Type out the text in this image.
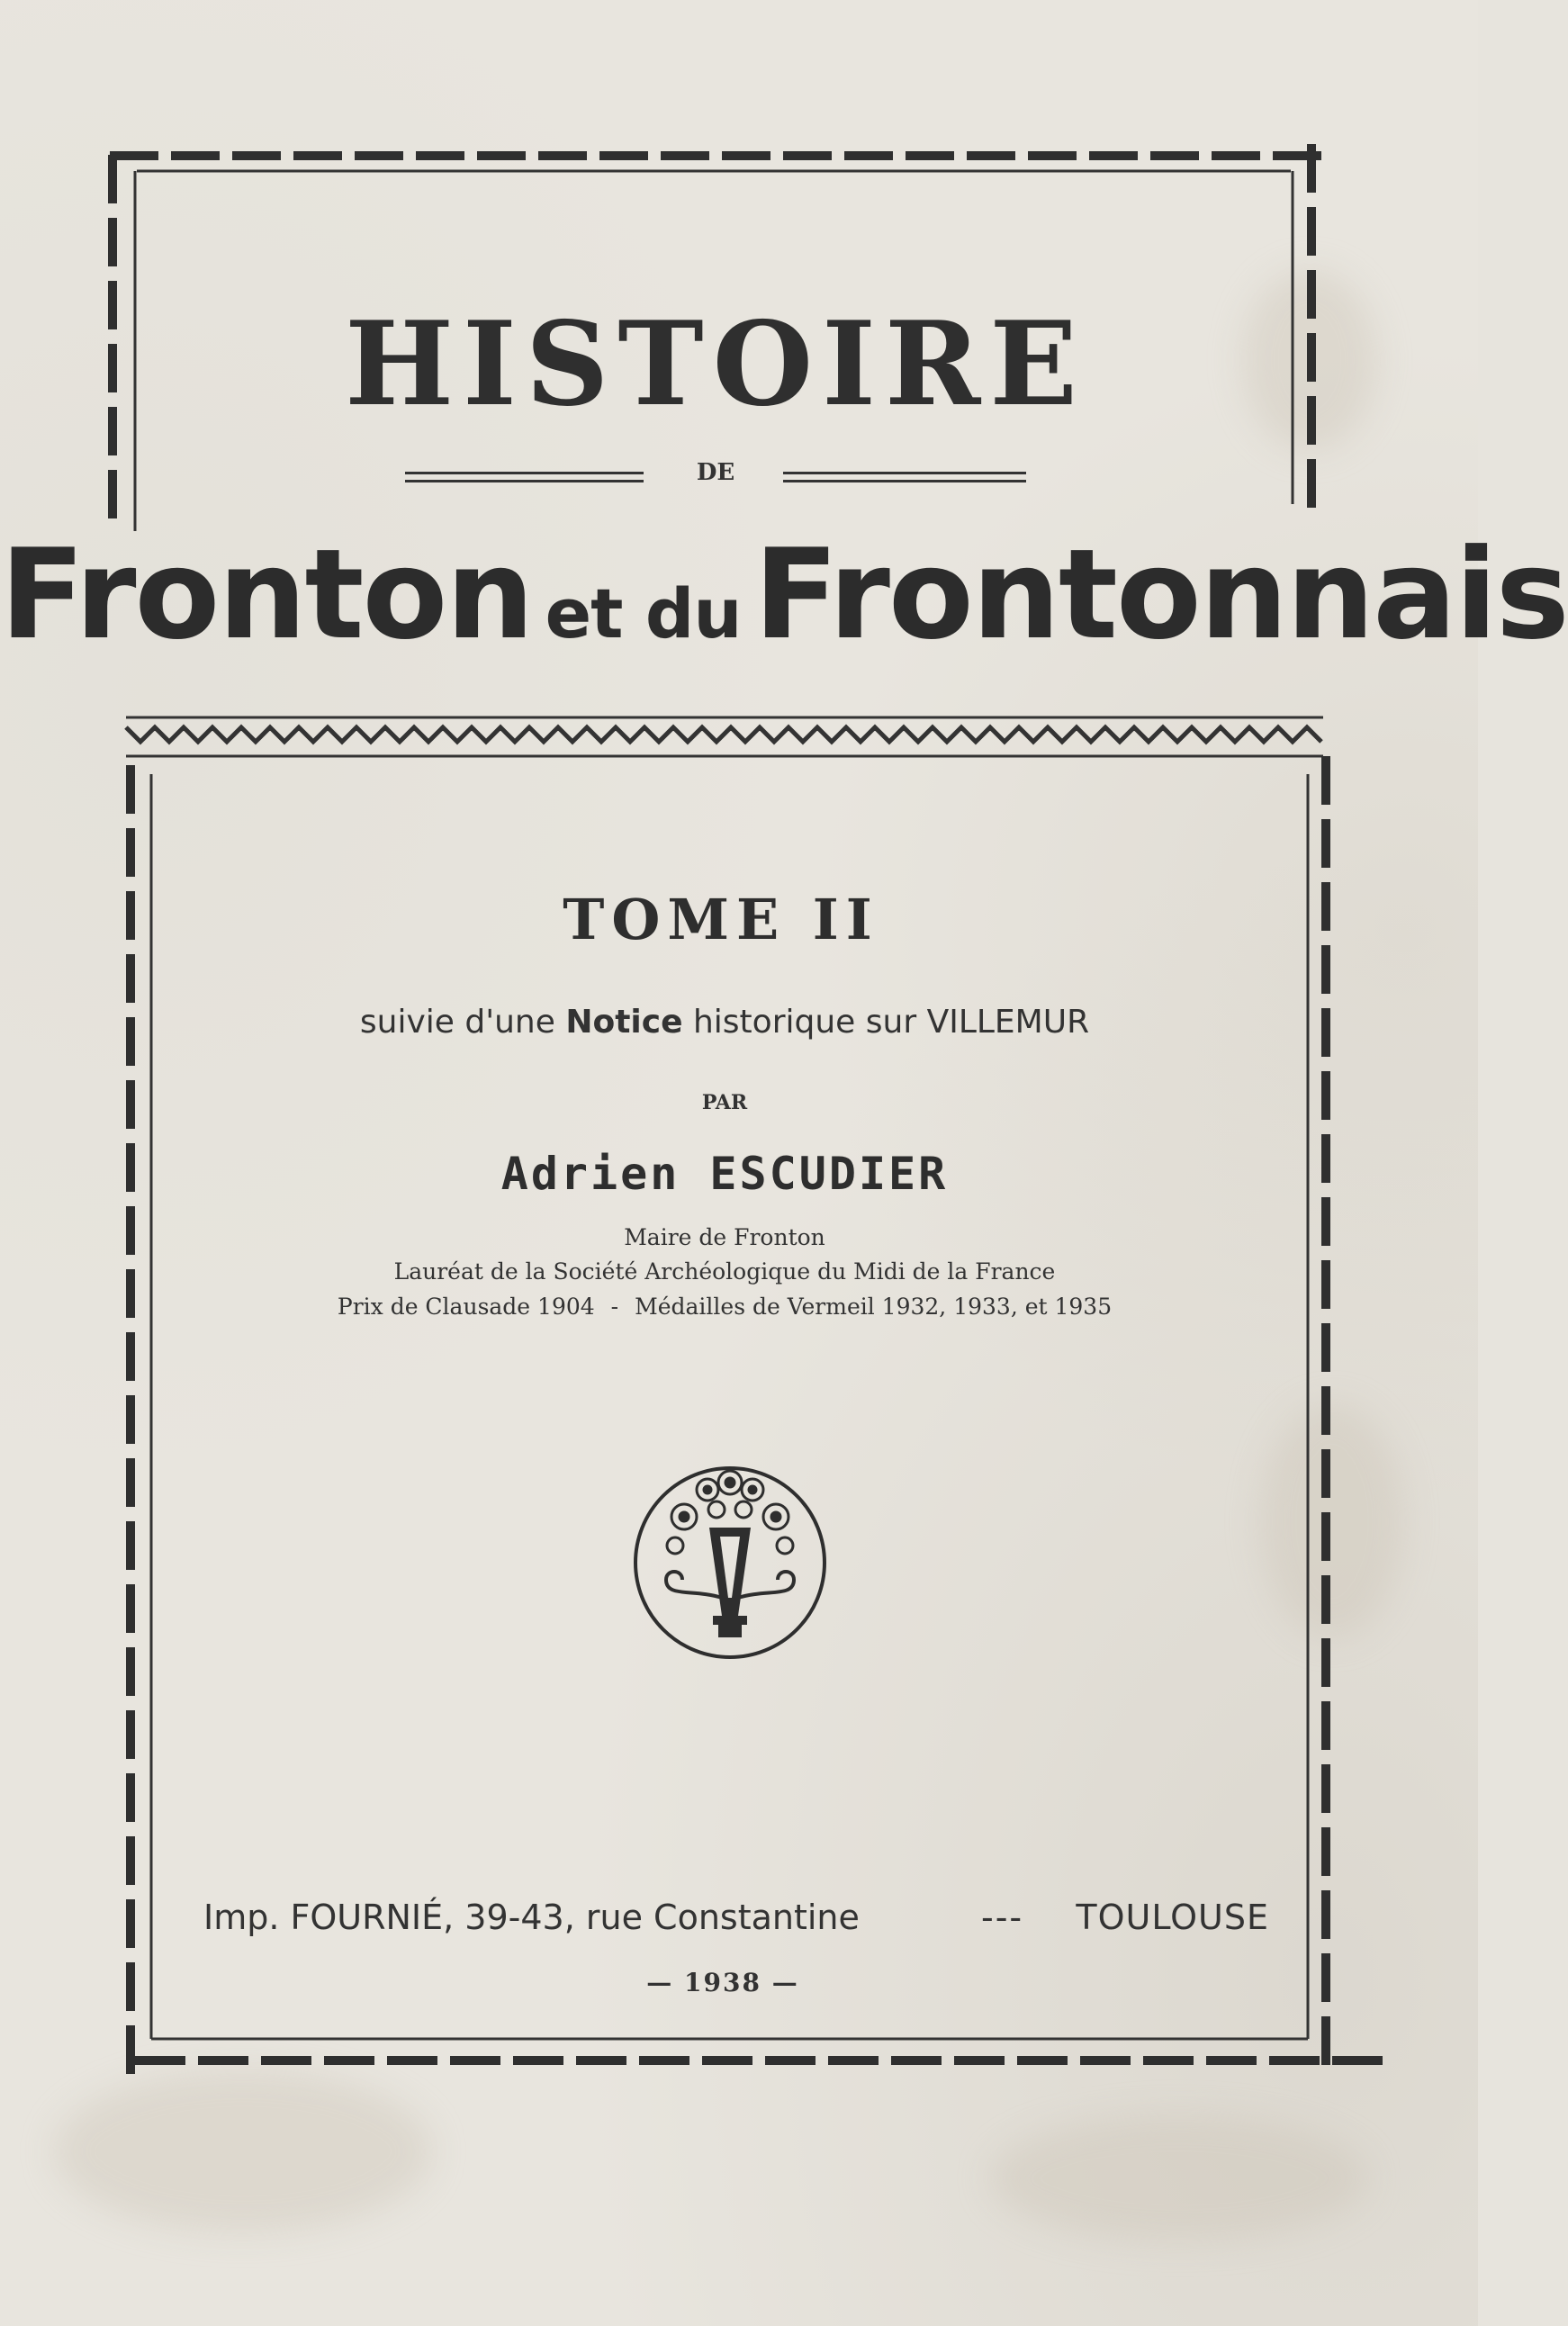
HISTOIRE
DE
Fronton et du Frontonnais
TOME II
suivie d'une Notice historique sur VILLEMUR
PAR
Adrien ESCUDIER
Maire de Fronton
Lauréat de la Société Archéologique du Midi de la France
Prix de Clausade 1904 - Médailles de Vermeil 1932, 1933, et 1935
Imp. FOURNIÉ, 39-43, rue Constantine	--- TOULOUSE
— 1938 —
